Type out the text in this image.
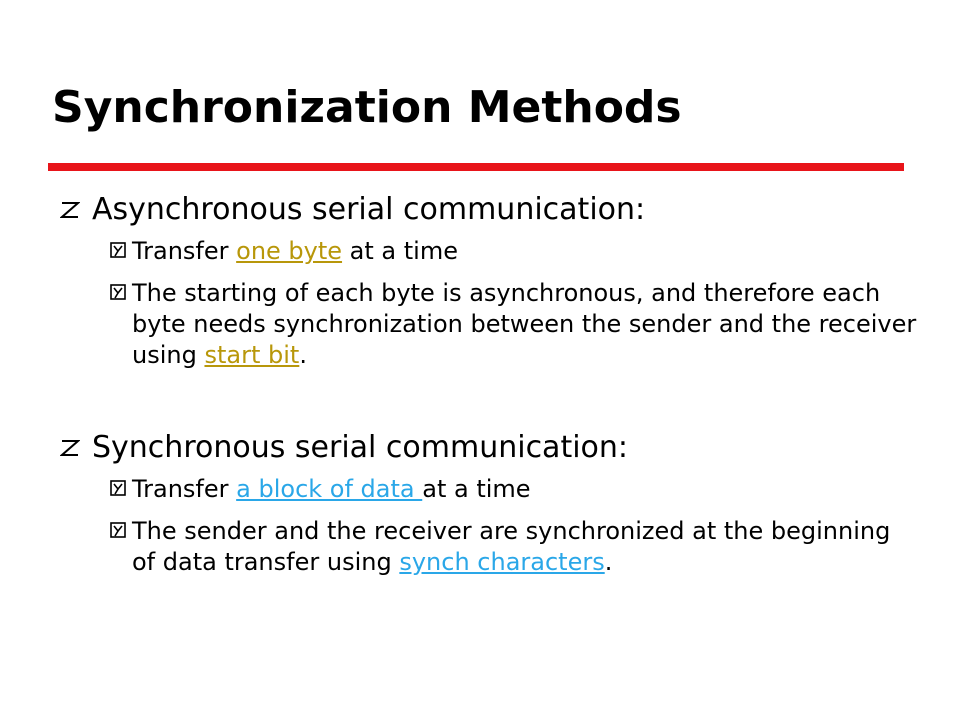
Synchronization Methods
Asynchronous serial communication:
Transfer one byte at a time
The starting of each byte is asynchronous, and therefore each byte needs synchronization between the sender and the receiver using start bit.
Synchronous serial communication:
Transfer a block of data at a time
The sender and the receiver are synchronized at the beginning of data transfer using synch characters.
